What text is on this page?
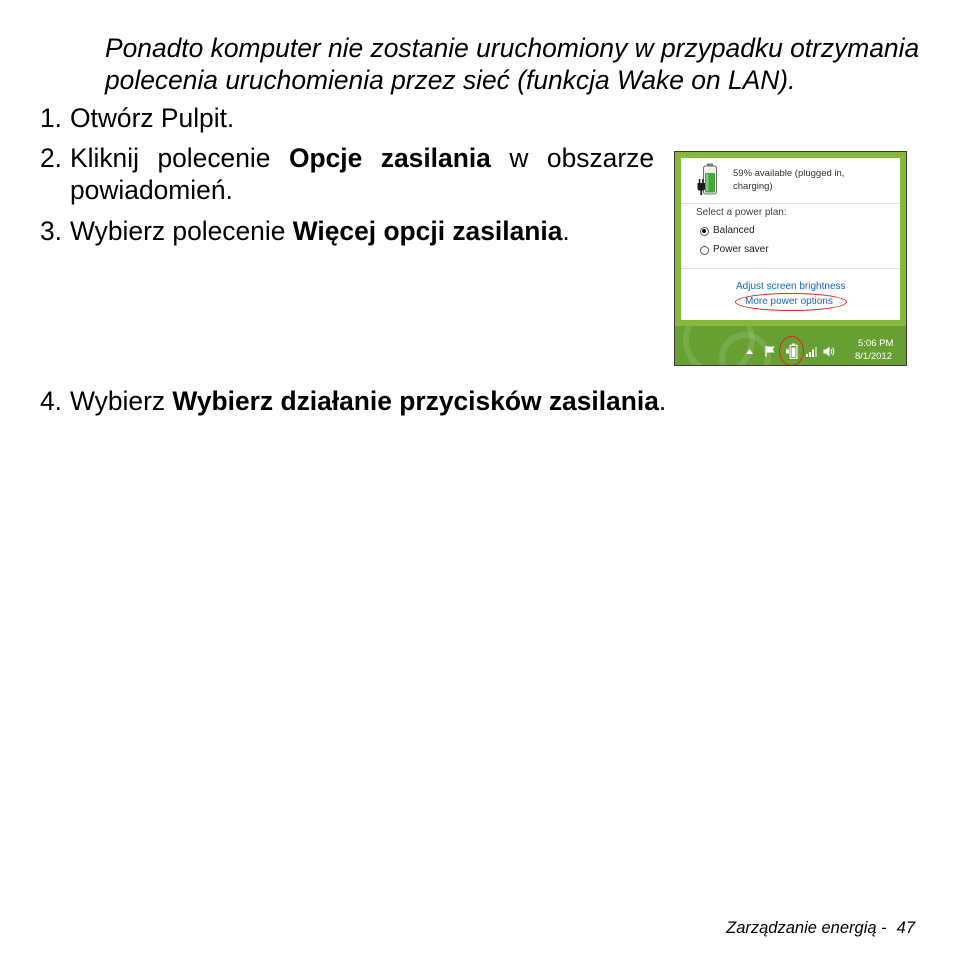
Ponadto komputer nie zostanie uruchomiony w przypadku otrzymania polecenia uruchomienia przez sieć (funkcja Wake on LAN).
1. Otwórz Pulpit.
2. Kliknij polecenie Opcje zasilania w obszarze powiadomień.
3. Wybierz polecenie Więcej opcji zasilania.
4. Wybierz Wybierz działanie przycisków zasilania.
59% available (plugged in,
charging)
Select a power plan:
Balanced
Power saver
Adjust screen brightness
More power options
5:06 PM
8/1/2012
Zarządzanie energią - 47
